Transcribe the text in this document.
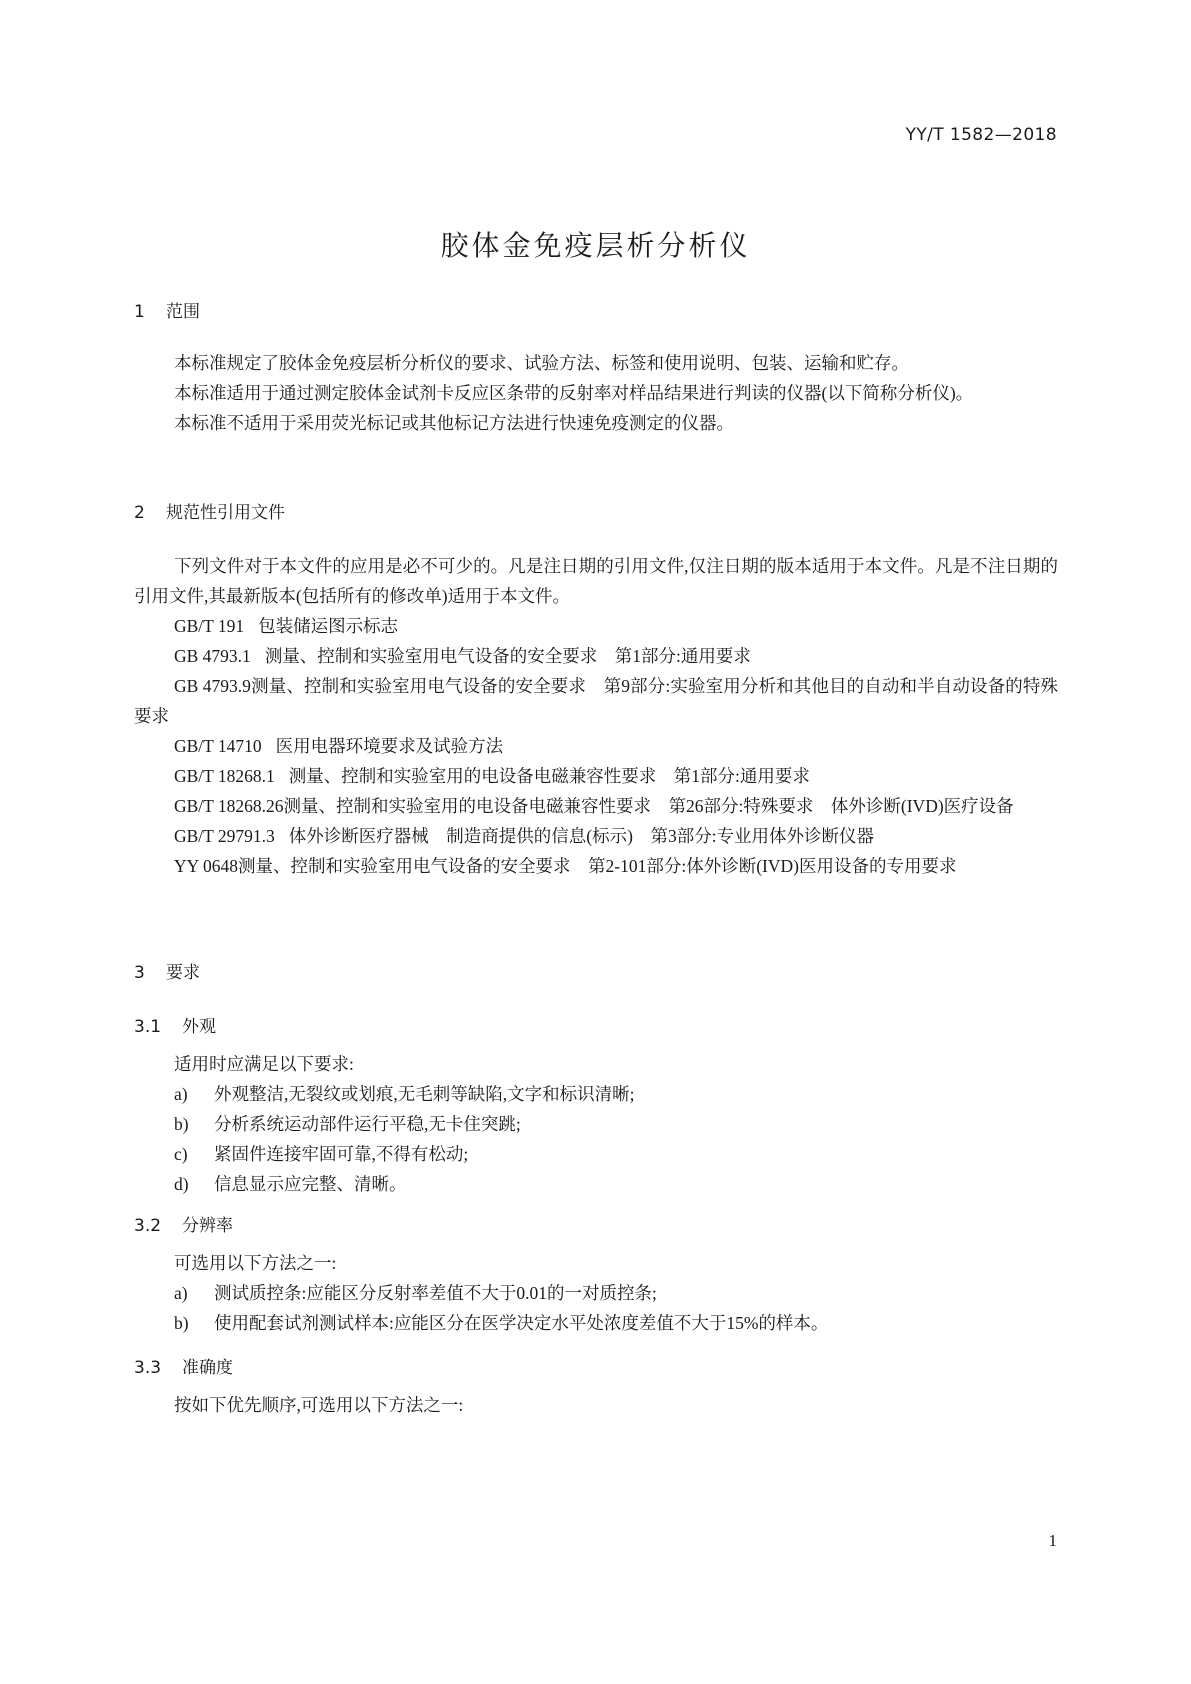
YY/T 1582—2018
胶体金免疫层析分析仪
1 范围

本标准规定了胶体金免疫层析分析仪的要求、试验方法、标签和使用说明、包装、运输和贮存。

本标准适用于通过测定胶体金试剂卡反应区条带的反射率对样品结果进行判读的仪器(以下简称分析仪)。

本标准不适用于采用荧光标记或其他标记方法进行快速免疫测定的仪器。

2 规范性引用文件

下列文件对于本文件的应用是必不可少的。凡是注日期的引用文件,仅注日期的版本适用于本文件。凡是不注日期的引用文件,其最新版本(包括所有的修改单)适用于本文件。

GB/T 191 包装储运图示标志

GB 4793.1 测量、控制和实验室用电气设备的安全要求　第1部分:通用要求

GB 4793.9测量、控制和实验室用电气设备的安全要求　第9部分:实验室用分析和其他目的自动和半自动设备的特殊要求

GB/T 14710 医用电器环境要求及试验方法

GB/T 18268.1 测量、控制和实验室用的电设备电磁兼容性要求　第1部分:通用要求

GB/T 18268.26测量、控制和实验室用的电设备电磁兼容性要求　第26部分:特殊要求　体外诊断(IVD)医疗设备

GB/T 29791.3 体外诊断医疗器械　制造商提供的信息(标示)　第3部分:专业用体外诊断仪器

YY 0648测量、控制和实验室用电气设备的安全要求　第2-101部分:体外诊断(IVD)医用设备的专用要求

3 要求
3.1 外观

适用时应满足以下要求:

a) 外观整洁,无裂纹或划痕,无毛刺等缺陷,文字和标识清晰;

b) 分析系统运动部件运行平稳,无卡住突跳;

c) 紧固件连接牢固可靠,不得有松动;

d) 信息显示应完整、清晰。

3.2 分辨率

可选用以下方法之一:

a) 测试质控条:应能区分反射率差值不大于0.01的一对质控条;

b) 使用配套试剂测试样本:应能区分在医学决定水平处浓度差值不大于15%的样本。

3.3 准确度

按如下优先顺序,可选用以下方法之一:

1
